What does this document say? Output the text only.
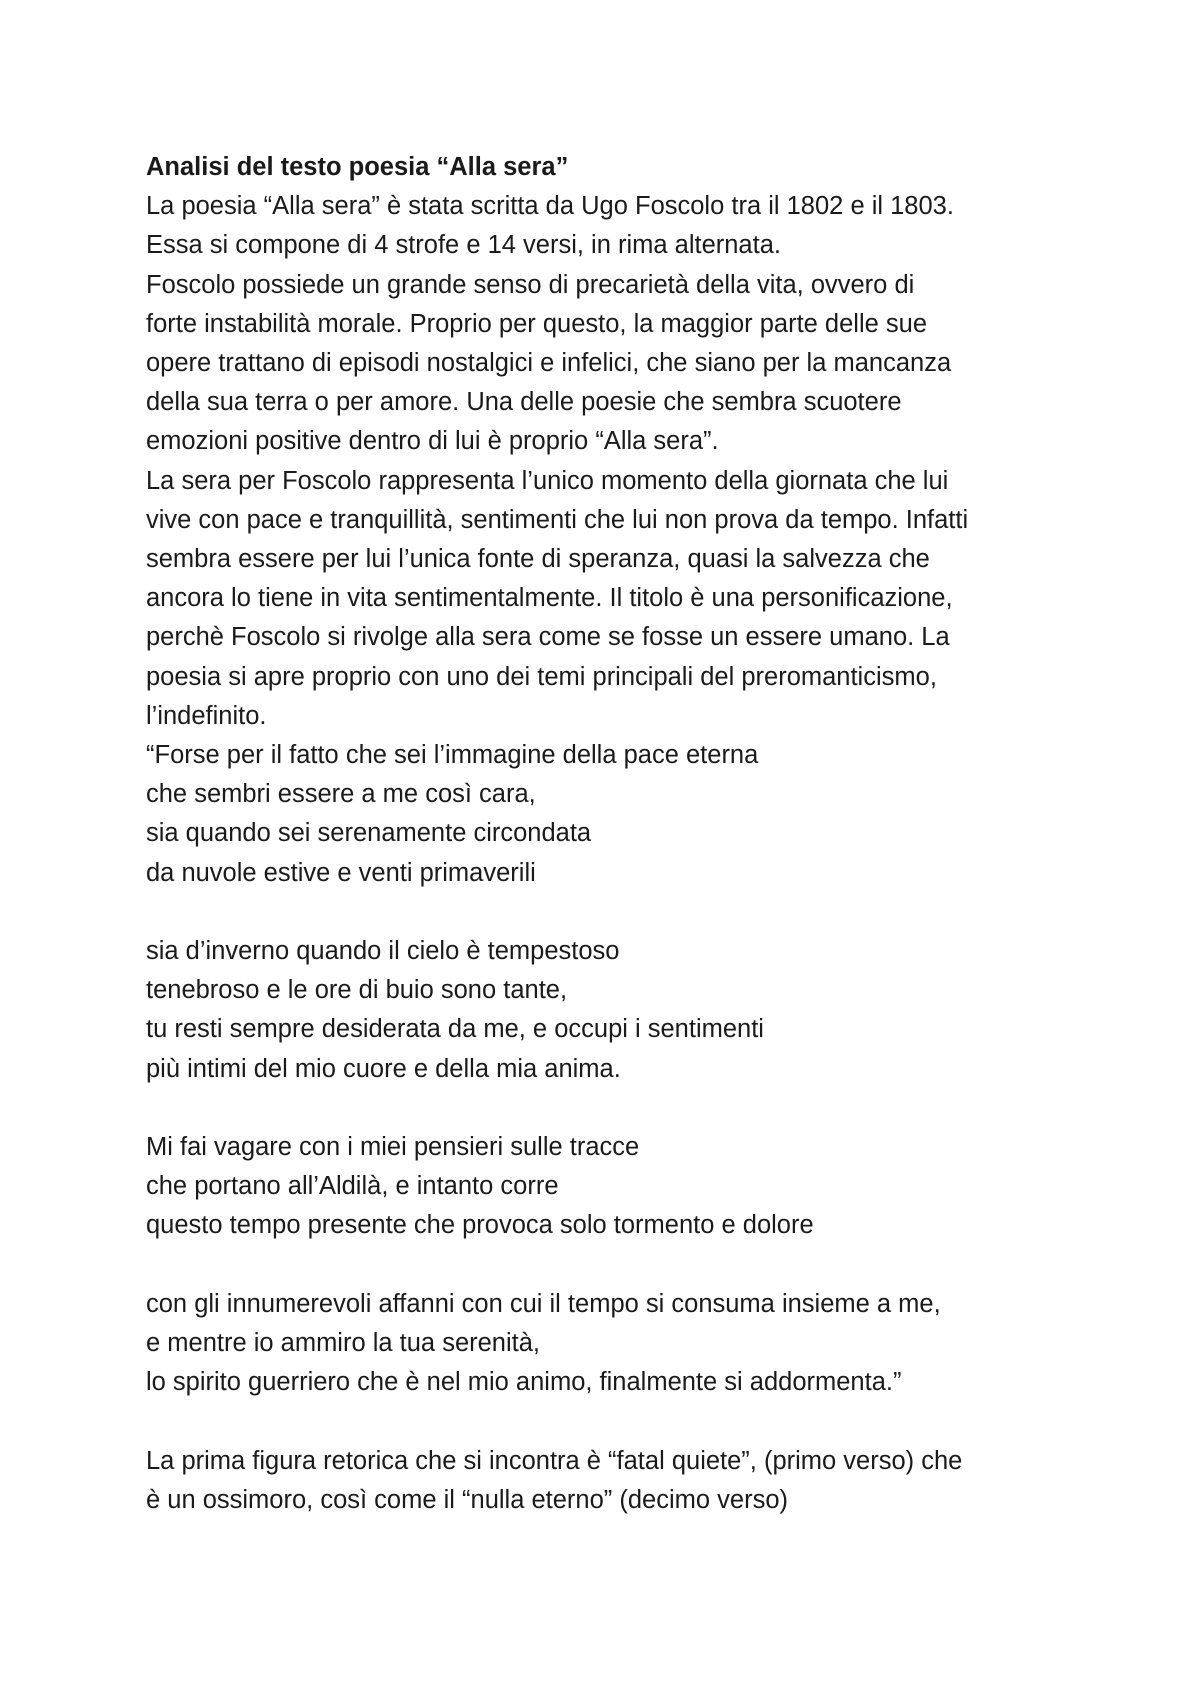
Analisi del testo poesia “Alla sera”
La poesia “Alla sera” è stata scritta da Ugo Foscolo tra il 1802 e il 1803.
Essa si compone di 4 strofe e 14 versi, in rima alternata.
Foscolo possiede un grande senso di precarietà della vita, ovvero di
forte instabilità morale. Proprio per questo, la maggior parte delle sue
opere trattano di episodi nostalgici e infelici, che siano per la mancanza
della sua terra o per amore. Una delle poesie che sembra scuotere
emozioni positive dentro di lui è proprio “Alla sera”.
La sera per Foscolo rappresenta l’unico momento della giornata che lui
vive con pace e tranquillità, sentimenti che lui non prova da tempo. Infatti
sembra essere per lui l’unica fonte di speranza, quasi la salvezza che
ancora lo tiene in vita sentimentalmente. Il titolo è una personificazione,
perchè Foscolo si rivolge alla sera come se fosse un essere umano. La
poesia si apre proprio con uno dei temi principali del preromanticismo,
l’indefinito.
“Forse per il fatto che sei l’immagine della pace eterna
che sembri essere a me così cara,
sia quando sei serenamente circondata
da nuvole estive e venti primaverili
sia d’inverno quando il cielo è tempestoso
tenebroso e le ore di buio sono tante,
tu resti sempre desiderata da me, e occupi i sentimenti
più intimi del mio cuore e della mia anima.
Mi fai vagare con i miei pensieri sulle tracce
che portano all’Aldilà, e intanto corre
questo tempo presente che provoca solo tormento e dolore
con gli innumerevoli affanni con cui il tempo si consuma insieme a me,
e mentre io ammiro la tua serenità,
lo spirito guerriero che è nel mio animo, finalmente si addormenta.”
La prima figura retorica che si incontra è “fatal quiete”, (primo verso) che
è un ossimoro, così come il “nulla eterno” (decimo verso)
